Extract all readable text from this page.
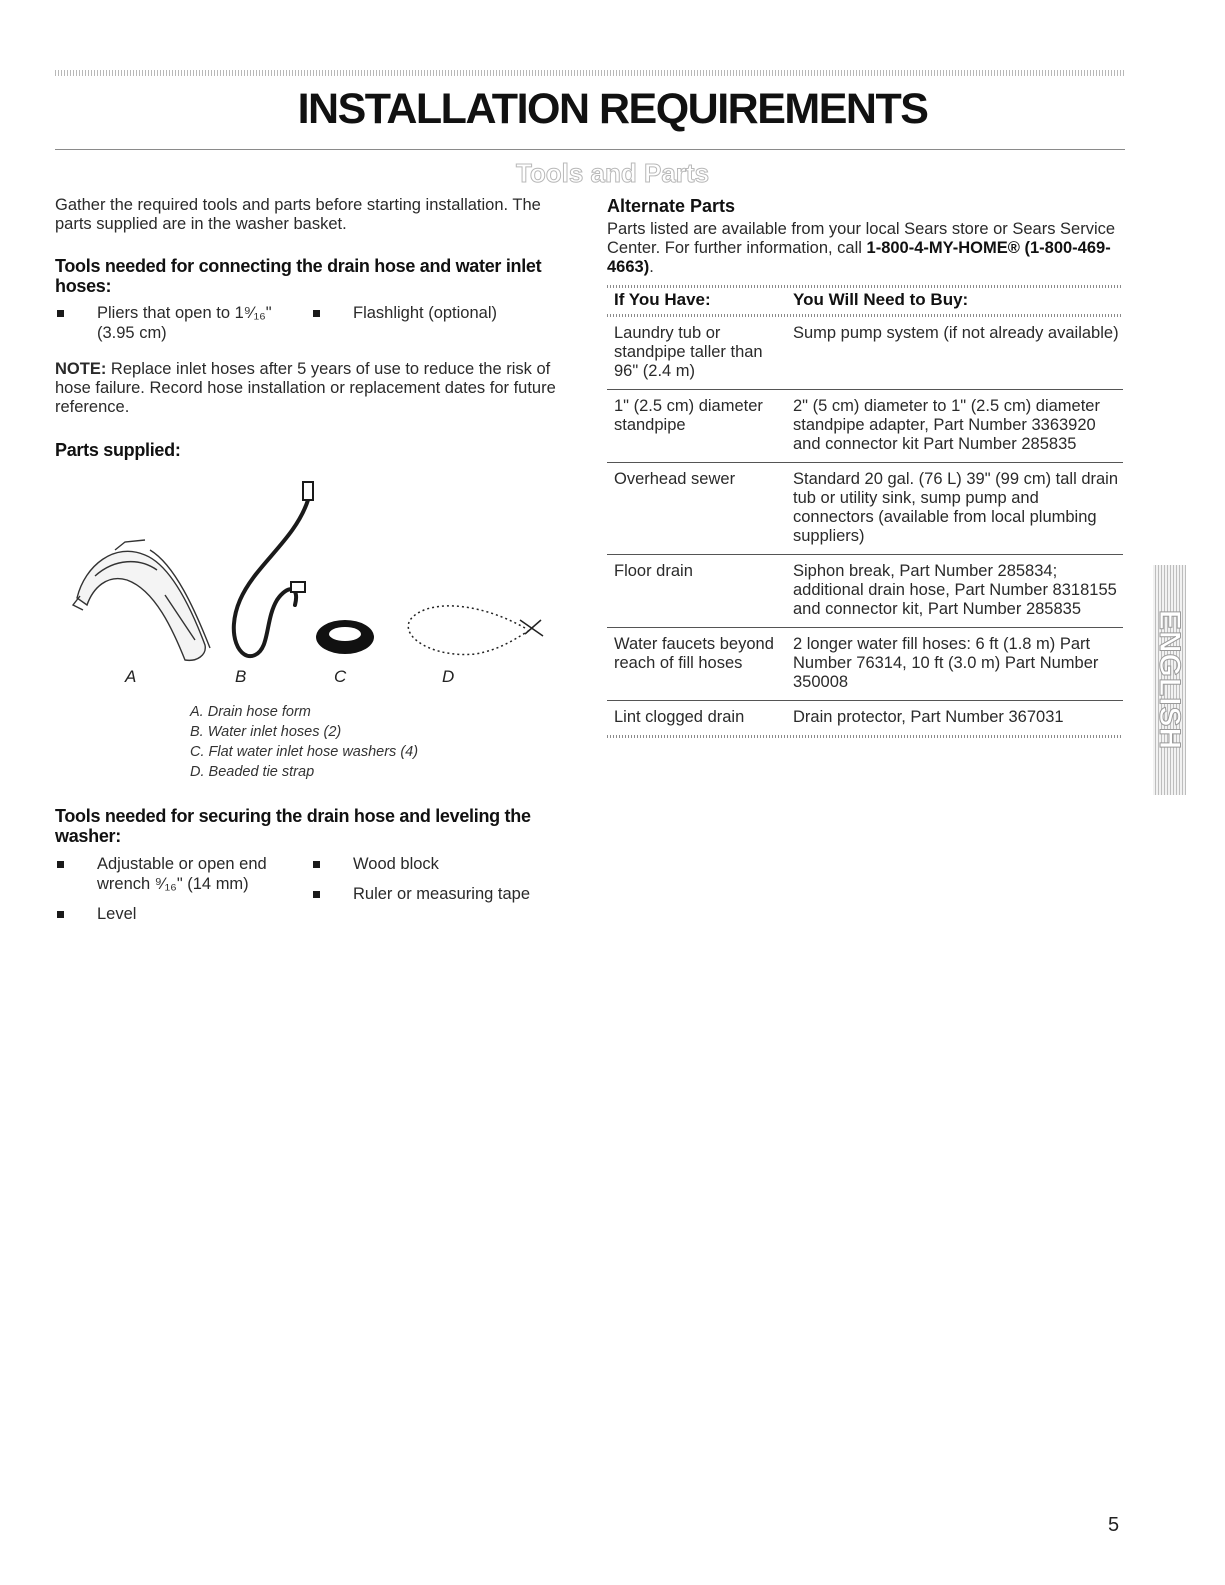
INSTALLATION REQUIREMENTS
Tools and Parts

Gather the required tools and parts before starting installation. The parts supplied are in the washer basket.

Tools needed for connecting the drain hose and water inlet hoses:
Pliers that open to 1⁹⁄₁₆"
(3.95 cm)
Flashlight (optional)

NOTE: Replace inlet hoses after 5 years of use to reduce the risk of hose failure. Record hose installation or replacement dates for future reference.

Parts supplied:
A	B	C	D
A. Drain hose form
B. Water inlet hoses (2)
C. Flat water inlet hose washers (4)
D. Beaded tie strap
Tools needed for securing the drain hose and leveling the washer:
Adjustable or open end
wrench ⁹⁄₁₆" (14 mm)
Level
Wood block
Ruler or measuring tape
Alternate Parts

Parts listed are available from your local Sears store or Sears Service Center. For further information, call 1-800-4-MY-HOME® (1-800-469-4663).

If You Have:	You Will Need to Buy:

Laundry tub or standpipe taller than 96" (2.4 m)	Sump pump system (if not already available)
1" (2.5 cm) diameter standpipe	2" (5 cm) diameter to 1" (2.5 cm) diameter standpipe adapter, Part Number 3363920 and connector kit Part Number 285835
Overhead sewer	Standard 20 gal. (76 L) 39" (99 cm) tall drain tub or utility sink, sump pump and connectors (available from local plumbing suppliers)
Floor drain	Siphon break, Part Number 285834; additional drain hose, Part Number 8318155 and connector kit, Part Number 285835
Water faucets beyond reach of fill hoses	2 longer water fill hoses: 6 ft (1.8 m) Part Number 76314, 10 ft (3.0 m) Part Number 350008
Lint clogged drain	Drain protector, Part Number 367031	ENGLISH
5
